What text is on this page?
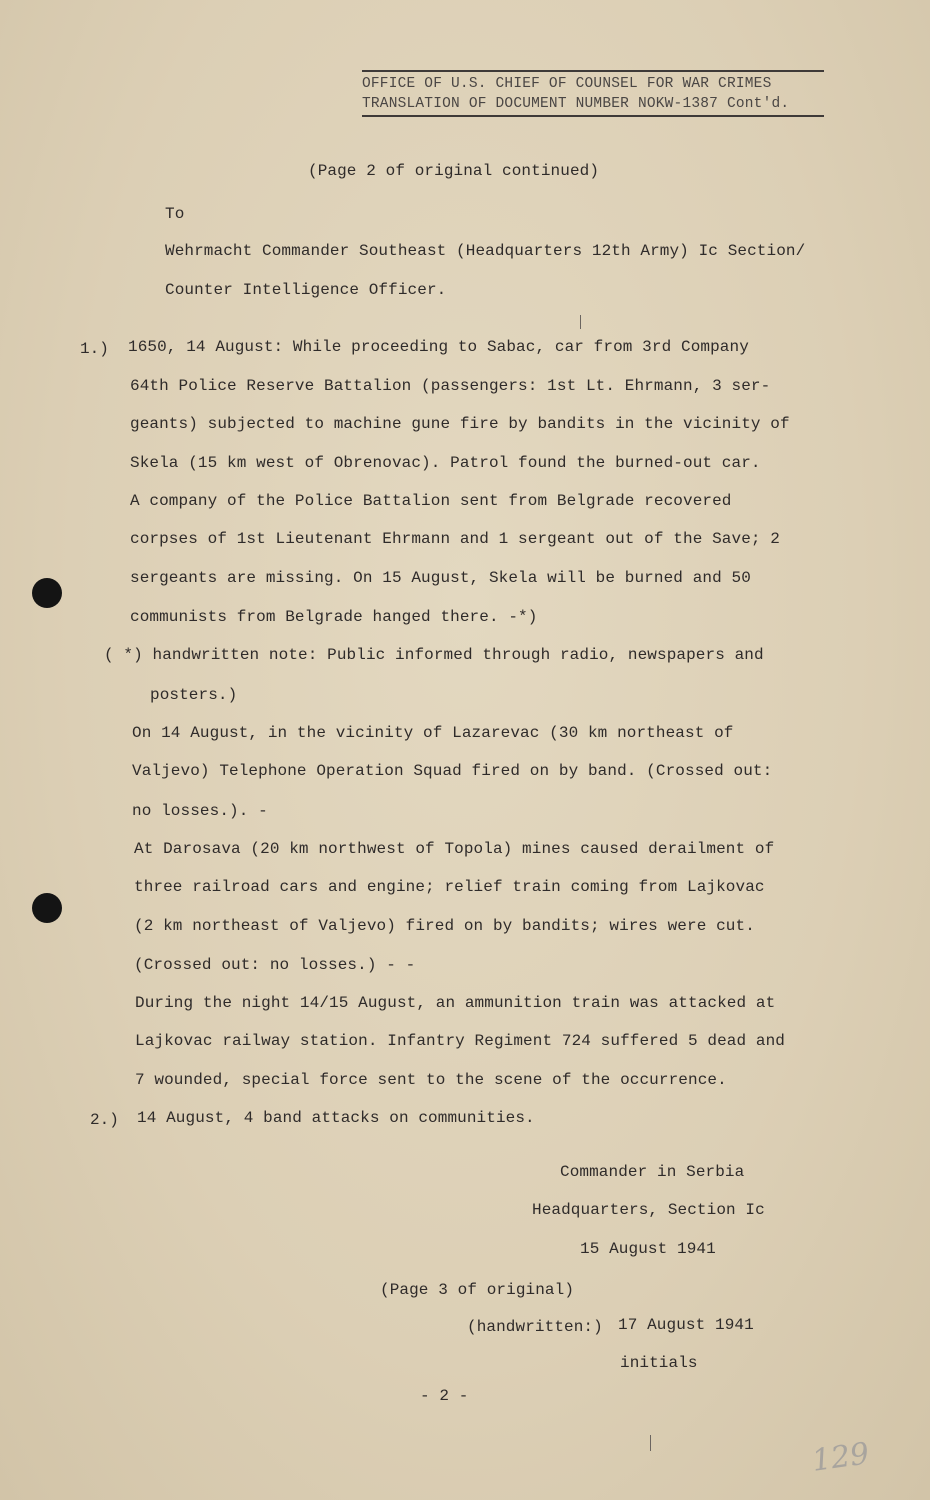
OFFICE OF U.S. CHIEF OF COUNSEL FOR WAR CRIMES
TRANSLATION OF DOCUMENT NUMBER NOKW-1387 Cont'd.
(Page 2 of original continued)
To
Wehrmacht Commander Southeast (Headquarters 12th Army) Ic Section/
Counter Intelligence Officer.
1.) 1650, 14 August: While proceeding to Sabac, car from 3rd Company
64th Police Reserve Battalion (passengers: 1st Lt. Ehrmann, 3 ser-
geants) subjected to machine gune fire by bandits in the vicinity of
Skela (15 km west of Obrenovac). Patrol found the burned-out car.
A company of the Police Battalion sent from Belgrade recovered
corpses of 1st Lieutenant Ehrmann and 1 sergeant out of the Save; 2
sergeants are missing. On 15 August, Skela will be burned and 50
communists from Belgrade hanged there. -*)
( *) handwritten note: Public informed through radio, newspapers and
posters.)
On 14 August, in the vicinity of Lazarevac (30 km northeast of
Valjevo) Telephone Operation Squad fired on by band. (Crossed out:
no losses.). -
At Darosava (20 km northwest of Topola) mines caused derailment of
three railroad cars and engine; relief train coming from Lajkovac
(2 km northeast of Valjevo) fired on by bandits; wires were cut.
(Crossed out: no losses.) - -
During the night 14/15 August, an ammunition train was attacked at
Lajkovac railway station. Infantry Regiment 724 suffered 5 dead and
7 wounded, special force sent to the scene of the occurrence.
2.) 14 August, 4 band attacks on communities.
Commander in Serbia
Headquarters, Section Ic
15 August 1941
(Page 3 of original)
(handwritten:) 17 August 1941
initials
- 2 -
129
